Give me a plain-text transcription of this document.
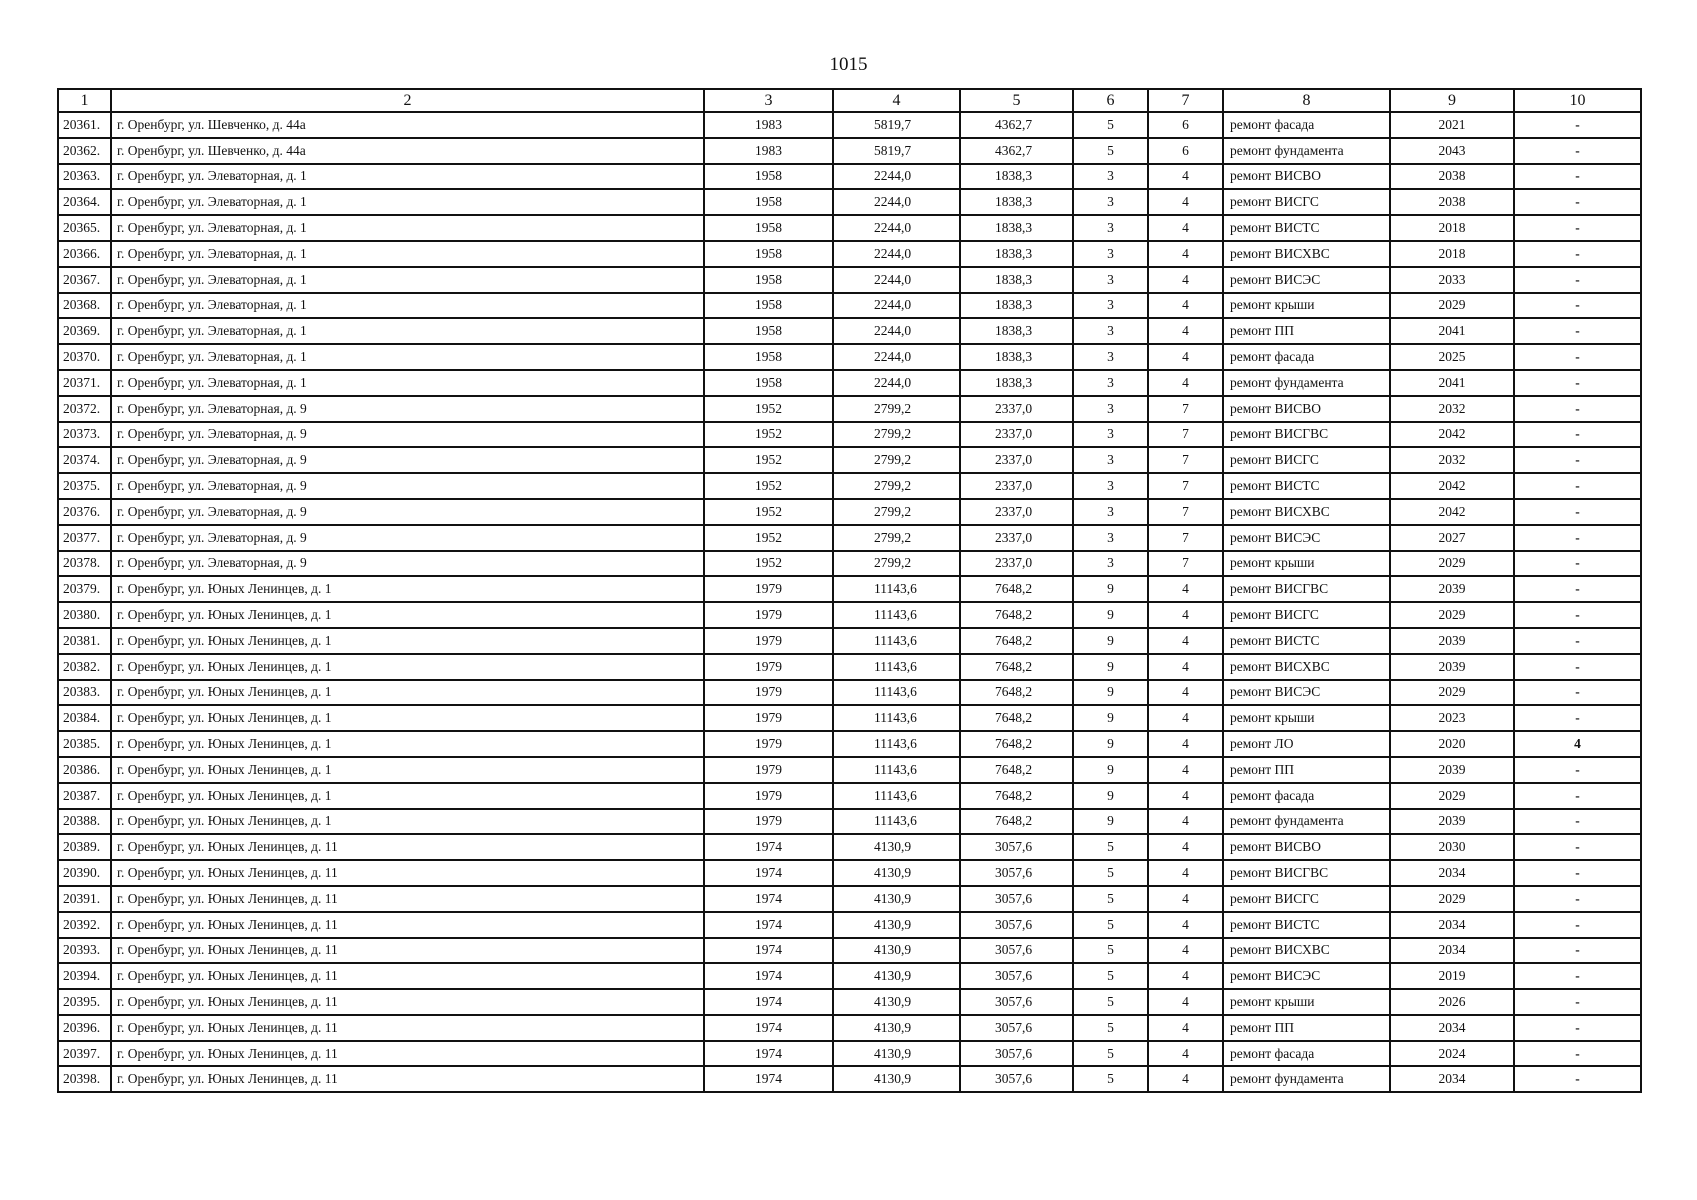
1015
1	2	3	4	5	6	7	8	9	10
20361.	г. Оренбург, ул. Шевченко, д. 44а	1983	5819,7	4362,7	5	6	ремонт фасада	2021	-
20362.	г. Оренбург, ул. Шевченко, д. 44а	1983	5819,7	4362,7	5	6	ремонт фундамента	2043	-
20363.	г. Оренбург, ул. Элеваторная, д. 1	1958	2244,0	1838,3	3	4	ремонт ВИСВО	2038	-
20364.	г. Оренбург, ул. Элеваторная, д. 1	1958	2244,0	1838,3	3	4	ремонт ВИСГС	2038	-
20365.	г. Оренбург, ул. Элеваторная, д. 1	1958	2244,0	1838,3	3	4	ремонт ВИСТС	2018	-
20366.	г. Оренбург, ул. Элеваторная, д. 1	1958	2244,0	1838,3	3	4	ремонт ВИСХВС	2018	-
20367.	г. Оренбург, ул. Элеваторная, д. 1	1958	2244,0	1838,3	3	4	ремонт ВИСЭС	2033	-
20368.	г. Оренбург, ул. Элеваторная, д. 1	1958	2244,0	1838,3	3	4	ремонт крыши	2029	-
20369.	г. Оренбург, ул. Элеваторная, д. 1	1958	2244,0	1838,3	3	4	ремонт ПП	2041	-
20370.	г. Оренбург, ул. Элеваторная, д. 1	1958	2244,0	1838,3	3	4	ремонт фасада	2025	-
20371.	г. Оренбург, ул. Элеваторная, д. 1	1958	2244,0	1838,3	3	4	ремонт фундамента	2041	-
20372.	г. Оренбург, ул. Элеваторная, д. 9	1952	2799,2	2337,0	3	7	ремонт ВИСВО	2032	-
20373.	г. Оренбург, ул. Элеваторная, д. 9	1952	2799,2	2337,0	3	7	ремонт ВИСГВС	2042	-
20374.	г. Оренбург, ул. Элеваторная, д. 9	1952	2799,2	2337,0	3	7	ремонт ВИСГС	2032	-
20375.	г. Оренбург, ул. Элеваторная, д. 9	1952	2799,2	2337,0	3	7	ремонт ВИСТС	2042	-
20376.	г. Оренбург, ул. Элеваторная, д. 9	1952	2799,2	2337,0	3	7	ремонт ВИСХВС	2042	-
20377.	г. Оренбург, ул. Элеваторная, д. 9	1952	2799,2	2337,0	3	7	ремонт ВИСЭС	2027	-
20378.	г. Оренбург, ул. Элеваторная, д. 9	1952	2799,2	2337,0	3	7	ремонт крыши	2029	-
20379.	г. Оренбург, ул. Юных Ленинцев, д. 1	1979	11143,6	7648,2	9	4	ремонт ВИСГВС	2039	-
20380.	г. Оренбург, ул. Юных Ленинцев, д. 1	1979	11143,6	7648,2	9	4	ремонт ВИСГС	2029	-
20381.	г. Оренбург, ул. Юных Ленинцев, д. 1	1979	11143,6	7648,2	9	4	ремонт ВИСТС	2039	-
20382.	г. Оренбург, ул. Юных Ленинцев, д. 1	1979	11143,6	7648,2	9	4	ремонт ВИСХВС	2039	-
20383.	г. Оренбург, ул. Юных Ленинцев, д. 1	1979	11143,6	7648,2	9	4	ремонт ВИСЭС	2029	-
20384.	г. Оренбург, ул. Юных Ленинцев, д. 1	1979	11143,6	7648,2	9	4	ремонт крыши	2023	-
20385.	г. Оренбург, ул. Юных Ленинцев, д. 1	1979	11143,6	7648,2	9	4	ремонт ЛО	2020	4
20386.	г. Оренбург, ул. Юных Ленинцев, д. 1	1979	11143,6	7648,2	9	4	ремонт ПП	2039	-
20387.	г. Оренбург, ул. Юных Ленинцев, д. 1	1979	11143,6	7648,2	9	4	ремонт фасада	2029	-
20388.	г. Оренбург, ул. Юных Ленинцев, д. 1	1979	11143,6	7648,2	9	4	ремонт фундамента	2039	-
20389.	г. Оренбург, ул. Юных Ленинцев, д. 11	1974	4130,9	3057,6	5	4	ремонт ВИСВО	2030	-
20390.	г. Оренбург, ул. Юных Ленинцев, д. 11	1974	4130,9	3057,6	5	4	ремонт ВИСГВС	2034	-
20391.	г. Оренбург, ул. Юных Ленинцев, д. 11	1974	4130,9	3057,6	5	4	ремонт ВИСГС	2029	-
20392.	г. Оренбург, ул. Юных Ленинцев, д. 11	1974	4130,9	3057,6	5	4	ремонт ВИСТС	2034	-
20393.	г. Оренбург, ул. Юных Ленинцев, д. 11	1974	4130,9	3057,6	5	4	ремонт ВИСХВС	2034	-
20394.	г. Оренбург, ул. Юных Ленинцев, д. 11	1974	4130,9	3057,6	5	4	ремонт ВИСЭС	2019	-
20395.	г. Оренбург, ул. Юных Ленинцев, д. 11	1974	4130,9	3057,6	5	4	ремонт крыши	2026	-
20396.	г. Оренбург, ул. Юных Ленинцев, д. 11	1974	4130,9	3057,6	5	4	ремонт ПП	2034	-
20397.	г. Оренбург, ул. Юных Ленинцев, д. 11	1974	4130,9	3057,6	5	4	ремонт фасада	2024	-
20398.	г. Оренбург, ул. Юных Ленинцев, д. 11	1974	4130,9	3057,6	5	4	ремонт фундамента	2034	-
